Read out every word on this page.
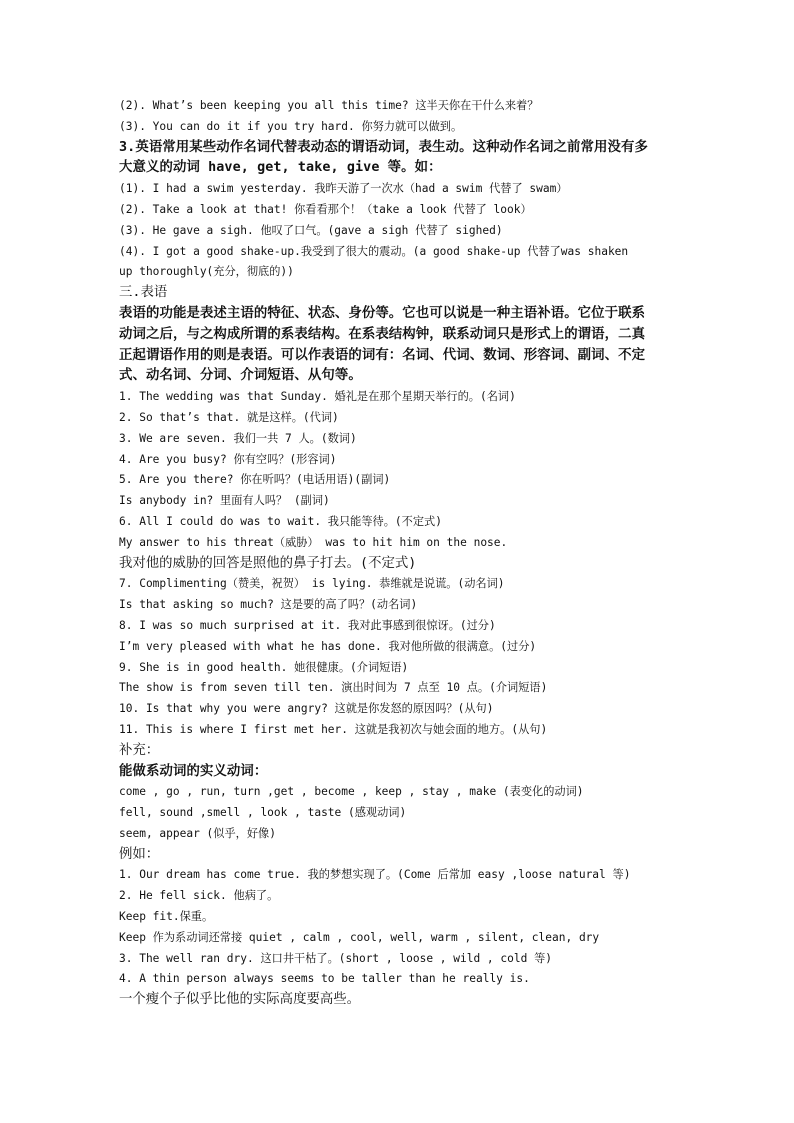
(2). What’s been keeping you all this time? 这半天你在干什么来着？
(3). You can do it if you try hard. 你努力就可以做到。
3.英语常用某些动作名词代替表动态的谓语动词，表生动。这种动作名词之前常用没有多
大意义的动词 have, get, take, give 等。如：
(1). I had a swim yesterday. 我昨天游了一次水（had a swim 代替了 swam）
(2). Take a look at that! 你看看那个！（take a look 代替了 look）
(3). He gave a sigh. 他叹了口气。(gave a sigh 代替了 sighed)
(4). I got a good shake-up.我受到了很大的震动。(a good shake-up 代替了was shaken
up thoroughly(充分，彻底的))
三.表语
表语的功能是表述主语的特征、状态、身份等。它也可以说是一种主语补语。它位于联系
动词之后，与之构成所谓的系表结构。在系表结构钟，联系动词只是形式上的谓语，二真
正起谓语作用的则是表语。可以作表语的词有：名词、代词、数词、形容词、副词、不定
式、动名词、分词、介词短语、从句等。
1. The wedding was that Sunday. 婚礼是在那个星期天举行的。(名词)
2. So that’s that. 就是这样。(代词)
3. We are seven. 我们一共 7 人。(数词)
4. Are you busy? 你有空吗？(形容词)
5. Are you there? 你在听吗？(电话用语)(副词)
Is anybody in? 里面有人吗？ (副词)
6. All I could do was to wait. 我只能等待。(不定式)
My answer to his threat（威胁） was to hit him on the nose.
我对他的威胁的回答是照他的鼻子打去。(不定式)
7. Complimenting（赞美，祝贺） is lying. 恭维就是说谎。(动名词)
Is that asking so much? 这是要的高了吗？(动名词)
8. I was so much surprised at it. 我对此事感到很惊讶。(过分)
I’m very pleased with what he has done. 我对他所做的很满意。(过分)
9. She is in good health. 她很健康。(介词短语)
The show is from seven till ten. 演出时间为 7 点至 10 点。(介词短语)
10. Is that why you were angry? 这就是你发怒的原因吗？(从句)
11. This is where I first met her. 这就是我初次与她会面的地方。(从句)
补充：
能做系动词的实义动词：
come , go , run, turn ,get , become , keep , stay , make (表变化的动词)
fell, sound ,smell , look , taste (感观动词)
seem, appear (似乎，好像)
例如：
1. Our dream has come true. 我的梦想实现了。(Come 后常加 easy ,loose natural 等)
2. He fell sick. 他病了。
Keep fit.保重。
Keep 作为系动词还常接 quiet , calm , cool, well, warm , silent, clean, dry
3. The well ran dry. 这口井干枯了。(short , loose , wild , cold 等)
4. A thin person always seems to be taller than he really is.
一个瘦个子似乎比他的实际高度要高些。
